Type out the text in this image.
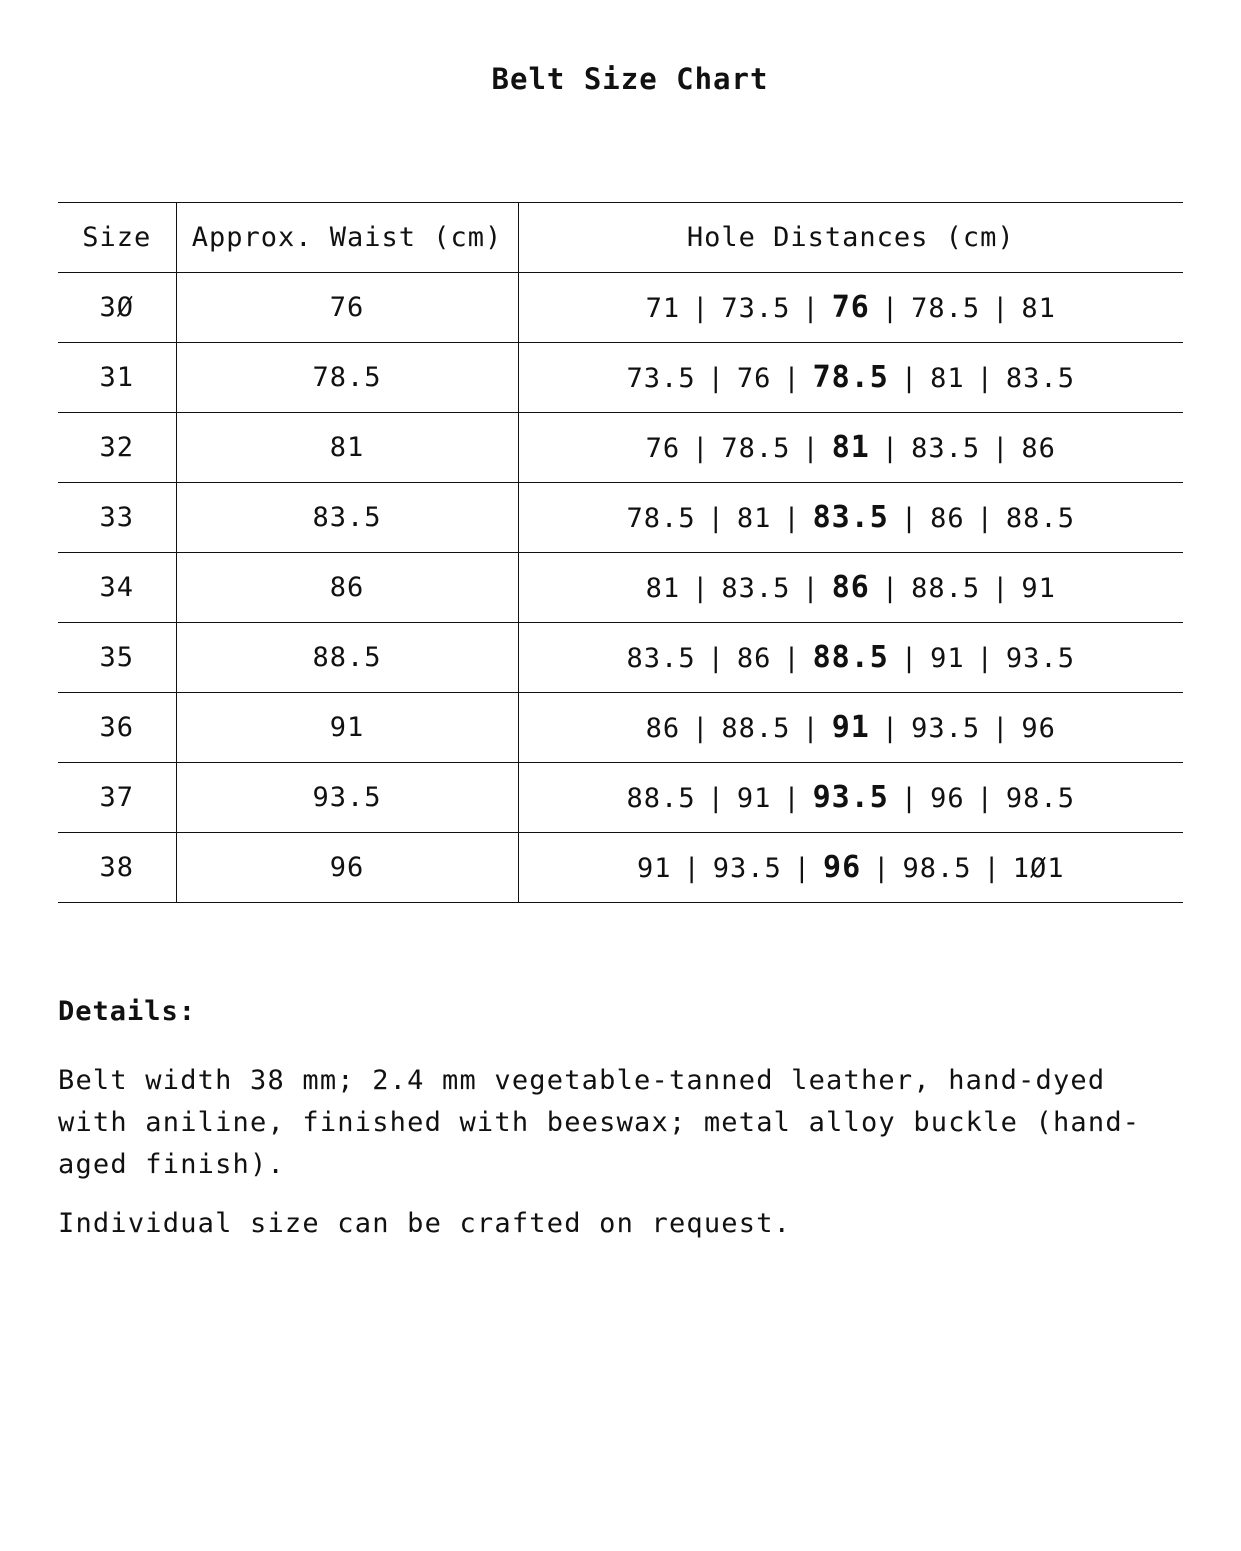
Belt Size Chart
Size	Approx. Waist (cm)	Hole Distances (cm)
3Ø	76	71 | 73.5 | 76 | 78.5 | 81
31	78.5	73.5 | 76 | 78.5 | 81 | 83.5
32	81	76 | 78.5 | 81 | 83.5 | 86
33	83.5	78.5 | 81 | 83.5 | 86 | 88.5
34	86	81 | 83.5 | 86 | 88.5 | 91
35	88.5	83.5 | 86 | 88.5 | 91 | 93.5
36	91	86 | 88.5 | 91 | 93.5 | 96
37	93.5	88.5 | 91 | 93.5 | 96 | 98.5
38	96	91 | 93.5 | 96 | 98.5 | 1Ø1
Details:

Belt width 38 mm; 2.4 mm vegetable-tanned leather, hand-dyed with aniline, finished with beeswax; metal alloy buckle (hand-aged finish).

Individual size can be crafted on request.
